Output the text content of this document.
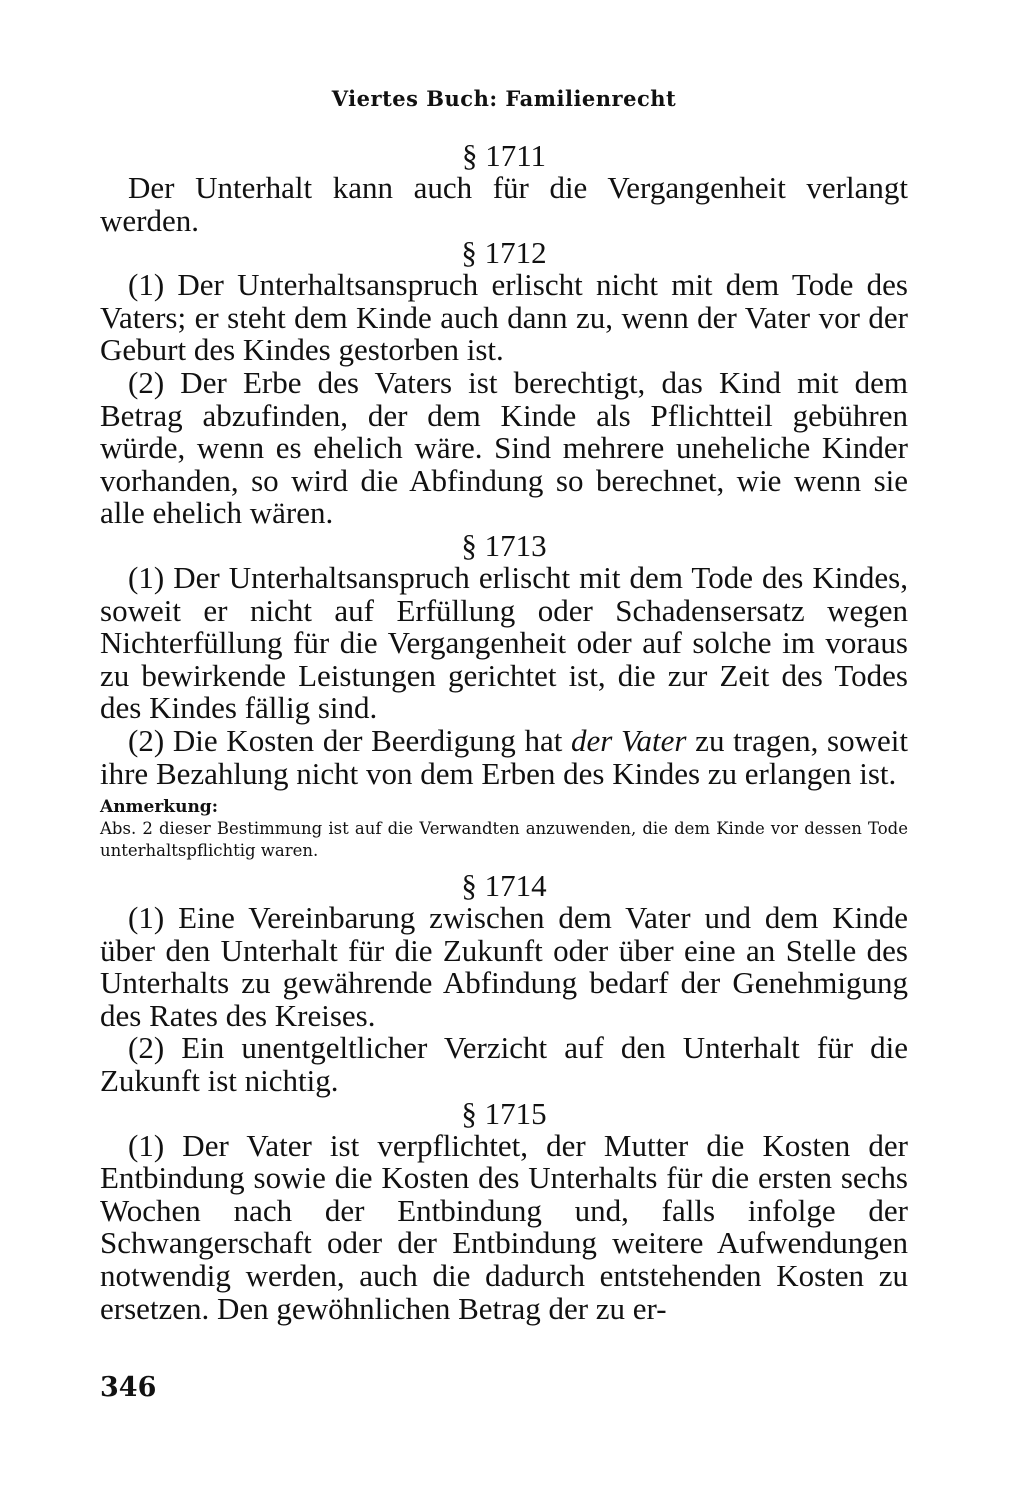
Viertes Buch: Familienrecht
§ 1711

Der Unterhalt kann auch für die Vergangenheit verlangt werden.

§ 1712

(1) Der Unterhaltsanspruch erlischt nicht mit dem Tode des Vaters; er steht dem Kinde auch dann zu, wenn der Vater vor der Geburt des Kindes gestorben ist.

(2) Der Erbe des Vaters ist berechtigt, das Kind mit dem Betrag abzufinden, der dem Kinde als Pflichtteil gebühren würde, wenn es ehelich wäre. Sind mehrere uneheliche Kinder vorhanden, so wird die Abfindung so berechnet, wie wenn sie alle ehelich wären.

§ 1713

(1) Der Unterhaltsanspruch erlischt mit dem Tode des Kindes, soweit er nicht auf Erfüllung oder Schadensersatz wegen Nichterfüllung für die Vergangenheit oder auf solche im voraus zu bewirkende Leistungen gerichtet ist, die zur Zeit des Todes des Kindes fällig sind.

(2) Die Kosten der Beerdigung hat der Vater zu tragen, soweit ihre Bezahlung nicht von dem Erben des Kindes zu erlangen ist.

Anmerkung:
Abs. 2 dieser Bestimmung ist auf die Verwandten anzuwenden, die dem Kinde vor dessen Tode unterhaltspflichtig waren.
§ 1714

(1) Eine Vereinbarung zwischen dem Vater und dem Kinde über den Unterhalt für die Zukunft oder über eine an Stelle des Unterhalts zu gewährende Abfindung bedarf der Genehmigung des Rates des Kreises.

(2) Ein unentgeltlicher Verzicht auf den Unterhalt für die Zukunft ist nichtig.

§ 1715

(1) Der Vater ist verpflichtet, der Mutter die Kosten der Entbindung sowie die Kosten des Unterhalts für die ersten sechs Wochen nach der Entbindung und, falls infolge der Schwangerschaft oder der Entbindung weitere Aufwendungen notwendig werden, auch die dadurch entstehenden Kosten zu ersetzen. Den gewöhnlichen Betrag der zu er-

346
